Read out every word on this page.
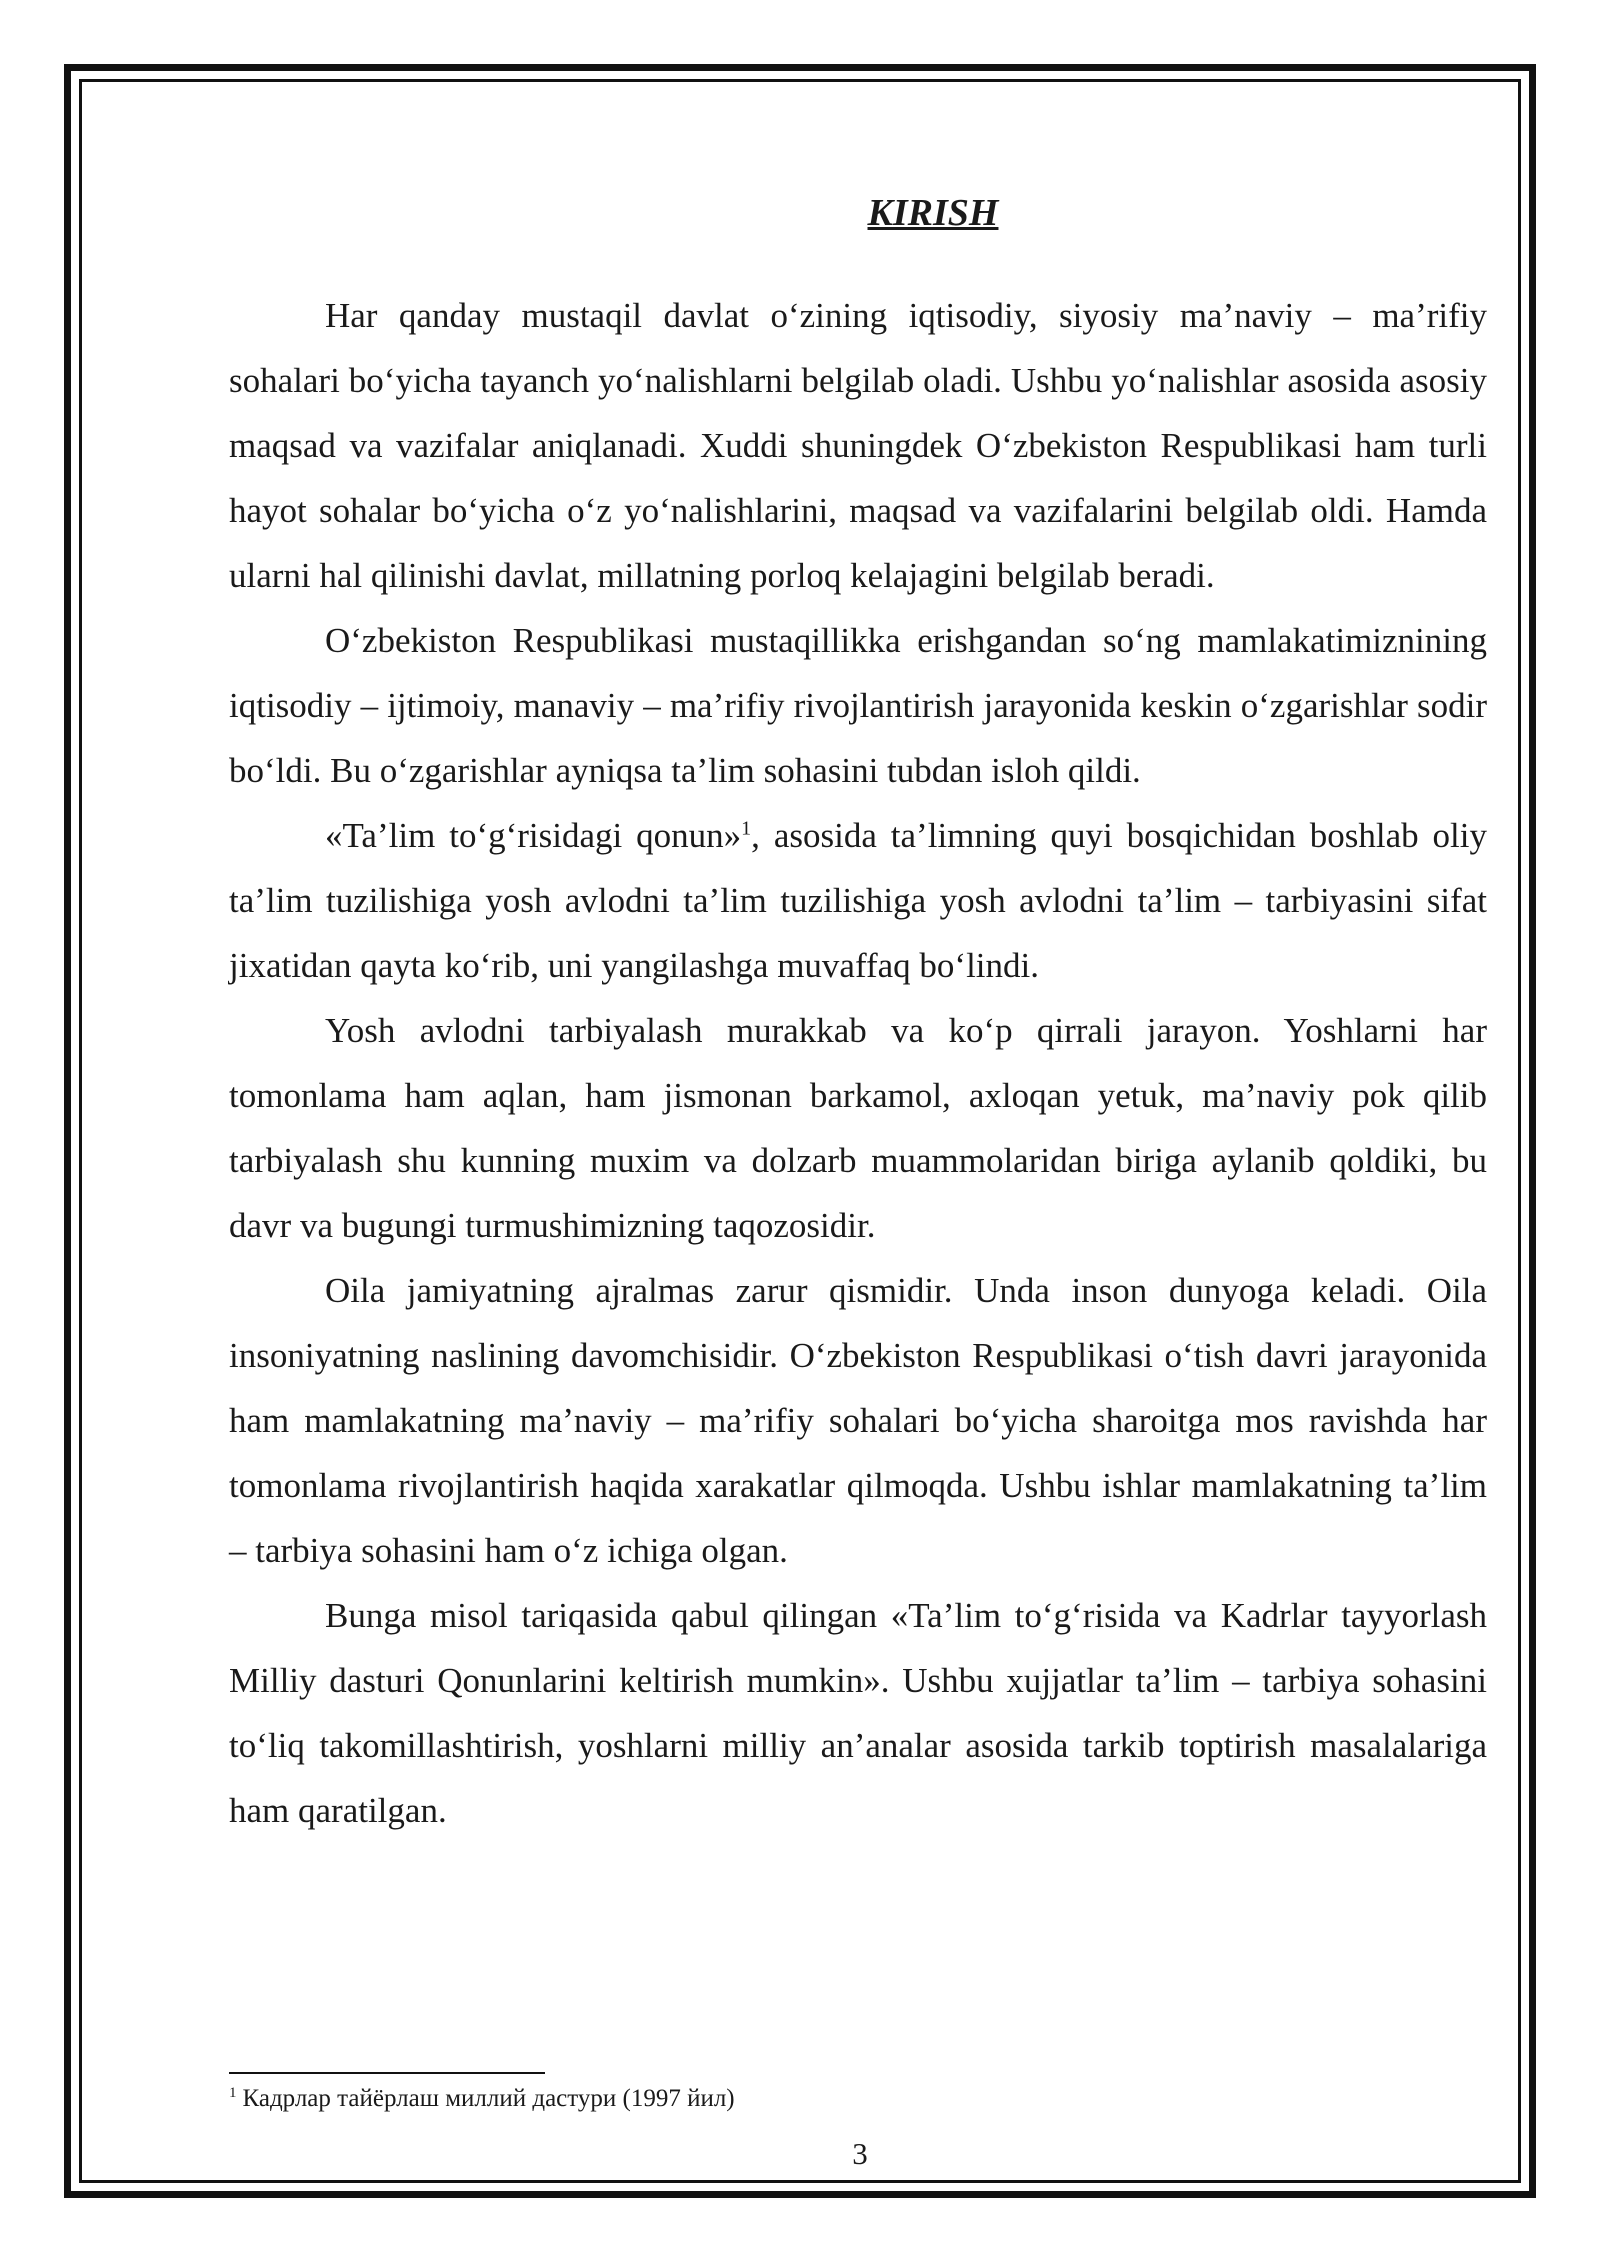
KIRISH

Har qanday mustaqil davlat o‘zining iqtisodiy, siyosiy ma’naviy – ma’rifiy sohalari bo‘yicha tayanch yo‘nalishlarni belgilab oladi. Ushbu yo‘nalishlar asosida asosiy maqsad va vazifalar aniqlanadi. Xuddi shuningdek O‘zbekiston Respublikasi ham turli hayot sohalar bo‘yicha o‘z yo‘nalishlarini, maqsad va vazifalarini belgilab oldi. Hamda ularni hal qilinishi davlat, millatning porloq kelajagini belgilab beradi.

O‘zbekiston Respublikasi mustaqillikka erishgandan so‘ng mamlakatimiznining iqtisodiy – ijtimoiy, manaviy – ma’rifiy rivojlantirish jarayonida keskin o‘zgarishlar sodir bo‘ldi. Bu o‘zgarishlar ayniqsa ta’lim sohasini tubdan isloh qildi.

«Ta’lim to‘g‘risidagi qonun»$^1$, asosida ta’limning quyi bosqichidan boshlab oliy ta’lim tuzilishiga yosh avlodni ta’lim tuzilishiga yosh avlodni ta’lim – tarbiyasini sifat jixatidan qayta ko‘rib, uni yangilashga muvaffaq bo‘lindi.

Yosh avlodni tarbiyalash murakkab va ko‘p qirrali jarayon. Yoshlarni har tomonlama ham aqlan, ham jismonan barkamol, axloqan yetuk, ma’naviy pok qilib tarbiyalash shu kunning muxim va dolzarb muammolaridan biriga aylanib qoldiki, bu davr va bugungi turmushimizning taqozosidir.

Oila jamiyatning ajralmas zarur qismidir. Unda inson dunyoga keladi. Oila insoniyatning naslining davomchisidir. O‘zbekiston Respublikasi o‘tish davri jarayonida ham mamlakatning ma’naviy – ma’rifiy sohalari bo‘yicha sharoitga mos ravishda har tomonlama rivojlantirish haqida xarakatlar qilmoqda. Ushbu ishlar mamlakatning ta’lim – tarbiya sohasini ham o‘z ichiga olgan.

Bunga misol tariqasida qabul qilingan «Ta’lim to‘g‘risida va Kadrlar tayyorlash Milliy dasturi Qonunlarini keltirish mumkin». Ushbu xujjatlar ta’lim – tarbiya sohasini to‘liq takomillashtirish, yoshlarni milliy an’analar asosida tarkib toptirish masalalariga ham qaratilgan.

$^1$ Кадрлар тайёрлаш миллий дастури (1997 йил)
3
